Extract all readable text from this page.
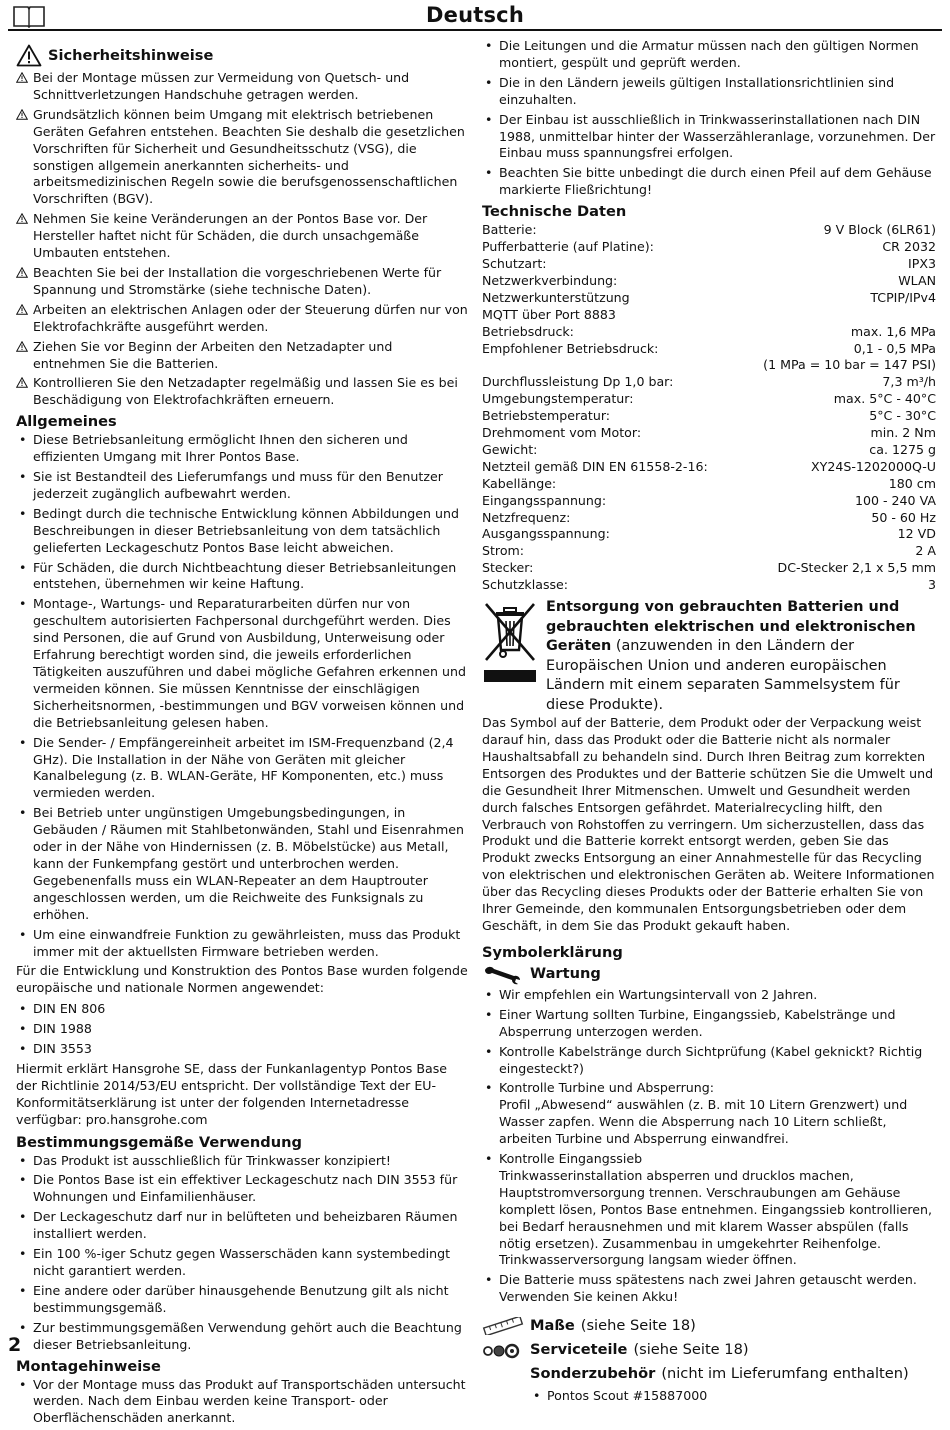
Deutsch
Sicherheitshinweise
Bei der Montage müssen zur Vermeidung von Quetsch- und Schnittverletzungen Handschuhe getragen werden.
Grundsätzlich können beim Umgang mit elektrisch betriebenen Geräten Gefahren entstehen. Beachten Sie deshalb die gesetzlichen Vorschriften für Sicherheit und Gesundheitsschutz (VSG), die sonstigen allgemein anerkannten sicherheits- und arbeitsmedizinischen Regeln sowie die berufsgenossenschaftlichen Vorschriften (BGV).
Nehmen Sie keine Veränderungen an der Pontos Base vor. Der Hersteller haftet nicht für Schäden, die durch unsachgemäße Umbauten entstehen.
Beachten Sie bei der Installation die vorgeschriebenen Werte für Spannung und Stromstärke (siehe technische Daten).
Arbeiten an elektrischen Anlagen oder der Steuerung dürfen nur von Elektrofachkräfte ausgeführt werden.
Ziehen Sie vor Beginn der Arbeiten den Netzadapter und entnehmen Sie die Batterien.
Kontrollieren Sie den Netzadapter regelmäßig und lassen Sie es bei Beschädigung von Elektrofachkräften erneuern.
Allgemeines
• Diese Betriebsanleitung ermöglicht Ihnen den sicheren und effizienten Umgang mit Ihrer Pontos Base.
• Sie ist Bestandteil des Lieferumfangs und muss für den Benutzer jederzeit zugänglich aufbewahrt werden.
• Bedingt durch die technische Entwicklung können Abbildungen und Beschreibungen in dieser Betriebsanleitung von dem tatsächlich gelieferten Leckageschutz Pontos Base leicht abweichen.
• Für Schäden, die durch Nichtbeachtung dieser Betriebsanleitungen entstehen, übernehmen wir keine Haftung.
• Montage-, Wartungs- und Reparaturarbeiten dürfen nur von geschultem autorisierten Fachpersonal durchgeführt werden. Dies sind Personen, die auf Grund von Ausbildung, Unterweisung oder Erfahrung berechtigt worden sind, die jeweils erforderlichen Tätigkeiten auszuführen und dabei mögliche Gefahren erkennen und vermeiden können. Sie müssen Kenntnisse der einschlägigen Sicherheitsnormen, -bestimmungen und BGV vorweisen können und die Betriebsanleitung gelesen haben.
• Die Sender- / Empfängereinheit arbeitet im ISM-Frequenzband (2,4 GHz). Die Installation in der Nähe von Geräten mit gleicher Kanalbelegung (z. B. WLAN-Geräte, HF Komponenten, etc.) muss vermieden werden.
• Bei Betrieb unter ungünstigen Umgebungsbedingungen, in Gebäuden / Räumen mit Stahlbetonwänden, Stahl und Eisenrahmen oder in der Nähe von Hindernissen (z. B. Möbelstücke) aus Metall, kann der Funkempfang gestört und unterbrochen werden. Gegebenenfalls muss ein WLAN-Repeater an dem Hauptrouter angeschlossen werden, um die Reichweite des Funksignals zu erhöhen.
• Um eine einwandfreie Funktion zu gewährleisten, muss das Produkt immer mit der aktuellsten Firmware betrieben werden.

Für die Entwicklung und Konstruktion des Pontos Base wurden folgende europäische und nationale Normen angewendet:

• DIN EN 806
• DIN 1988
• DIN 3553

Hiermit erklärt Hansgrohe SE, dass der Funkanlagentyp Pontos Base der Richtlinie 2014/53/EU entspricht. Der vollständige Text der EU-Konformitätserklärung ist unter der folgenden Internetadresse verfügbar: pro.hansgrohe.com

Bestimmungsgemäße Verwendung
• Das Produkt ist ausschließlich für Trinkwasser konzipiert!
• Die Pontos Base ist ein effektiver Leckageschutz nach DIN 3553 für Wohnungen und Einfamilienhäuser.
• Der Leckageschutz darf nur in belüfteten und beheizbaren Räumen installiert werden.
• Ein 100 %-iger Schutz gegen Wasserschäden kann systembedingt nicht garantiert werden.
• Eine andere oder darüber hinausgehende Benutzung gilt als nicht bestimmungsgemäß.
• Zur bestimmungsgemäßen Verwendung gehört auch die Beachtung dieser Betriebsanleitung.
Montagehinweise
• Vor der Montage muss das Produkt auf Transportschäden untersucht werden. Nach dem Einbau werden keine Transport- oder Oberflächenschäden anerkannt.
• Die Leitungen und die Armatur müssen nach den gültigen Normen montiert, gespült und geprüft werden.
• Die in den Ländern jeweils gültigen Installationsrichtlinien sind einzuhalten.
• Der Einbau ist ausschließlich in Trinkwasserinstallationen nach DIN 1988, unmittelbar hinter der Wasserzähleranlage, vorzunehmen. Der Einbau muss spannungsfrei erfolgen.
• Beachten Sie bitte unbedingt die durch einen Pfeil auf dem Gehäuse markierte Fließrichtung!
Technische Daten
Batterie:	9 V Block (6LR61)
Pufferbatterie (auf Platine):	CR 2032
Schutzart:	IPX3
Netzwerkverbindung:	WLAN
Netzwerkunterstützung	TCPIP/IPv4
MQTT über Port 8883	
Betriebsdruck:	max. 1,6 MPa
Empfohlener Betriebsdruck:	0,1 - 0,5 MPa
	(1 MPa = 10 bar = 147 PSI)
Durchflussleistung Dp 1,0 bar:	7,3 m³/h
Umgebungstemperatur:	max. 5°C - 40°C
Betriebstemperatur:	5°C - 30°C
Drehmoment vom Motor:	min. 2 Nm
Gewicht:	ca. 1275 g
Netzteil gemäß DIN EN 61558-2-16:	XY24S-1202000Q-U
Kabellänge:	180 cm
Eingangsspannung:	100 - 240 VA
Netzfrequenz:	50 - 60 Hz
Ausgangsspannung:	12 VD
Strom:	2 A
Stecker:	DC-Stecker 2,1 x 5,5 mm
Schutzklasse:	3
Entsorgung von gebrauchten Batterien und gebrauchten elektrischen und elektronischen Geräten (anzuwenden in den Ländern der Europäischen Union und anderen europäischen Ländern mit einem separaten Sammelsystem für diese Produkte).

Das Symbol auf der Batterie, dem Produkt oder der Verpackung weist darauf hin, dass das Produkt oder die Batterie nicht als normaler Haushaltsabfall zu behandeln sind. Durch Ihren Beitrag zum korrekten Entsorgen des Produktes und der Batterie schützen Sie die Umwelt und die Gesundheit Ihrer Mitmenschen. Umwelt und Gesundheit werden durch falsches Entsorgen gefährdet. Materialrecycling hilft, den Verbrauch von Rohstoffen zu verringern. Um sicherzustellen, dass das Produkt und die Batterie korrekt entsorgt werden, geben Sie das Produkt zwecks Entsorgung an einer Annahmestelle für das Recycling von elektrischen und elektronischen Geräten ab. Weitere Informationen über das Recycling dieses Produkts oder der Batterie erhalten Sie von Ihrer Gemeinde, den kommunalen Entsorgungsbetrieben oder dem Geschäft, in dem Sie das Produkt gekauft haben.

Symbolerklärung
Wartung
• Wir empfehlen ein Wartungsintervall von 2 Jahren.
• Einer Wartung sollten Turbine, Eingangssieb, Kabelstränge und Absperrung unterzogen werden.
• Kontrolle Kabelstränge durch Sichtprüfung (Kabel geknickt? Richtig eingesteckt?)
• Kontrolle Turbine und Absperrung:
Profil „Abwesend“ auswählen (z. B. mit 10 Litern Grenzwert) und Wasser zapfen. Wenn die Absperrung nach 10 Litern schließt, arbeiten Turbine und Absperrung einwandfrei.
• Kontrolle Eingangssieb
Trinkwasserinstallation absperren und drucklos machen, Hauptstromversorgung trennen. Verschraubungen am Gehäuse komplett lösen, Pontos Base entnehmen. Eingangssieb kontrollieren, bei Bedarf herausnehmen und mit klarem Wasser abspülen (falls nötig ersetzen). Zusammenbau in umgekehrter Reihenfolge. Trinkwasserversorgung langsam wieder öffnen.
• Die Batterie muss spätestens nach zwei Jahren getauscht werden. Verwenden Sie keinen Akku!
Maße (siehe Seite 18)
Serviceteile (siehe Seite 18)
Sonderzubehör (nicht im Lieferumfang enthalten)
• Pontos Scout #15887000
2
